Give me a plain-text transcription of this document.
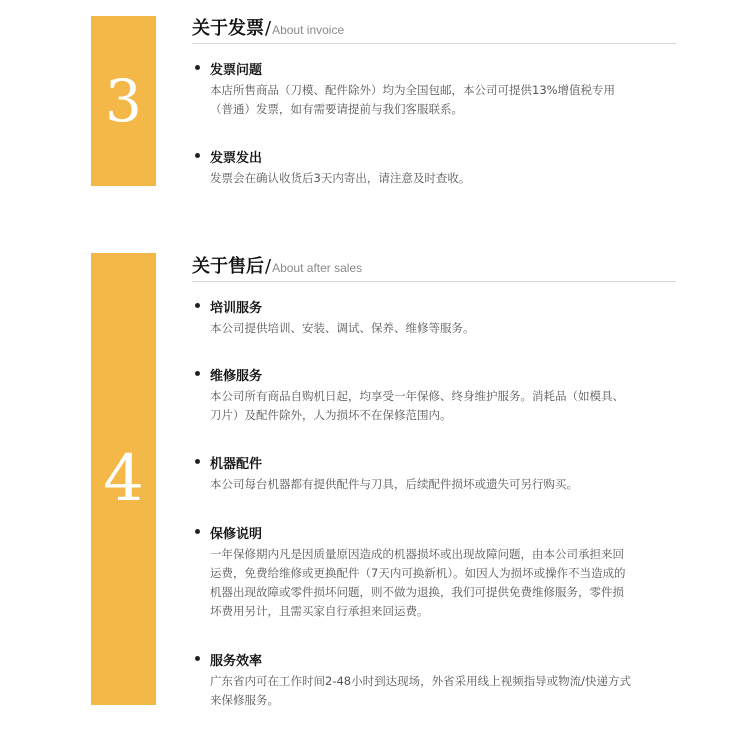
3
关于发票/About invoice
发票问题
本店所售商品（刀模、配件除外）均为全国包邮，本公司可提供13%增值税专用（普通）发票，如有需要请提前与我们客服联系。
发票发出
发票会在确认收货后3天内寄出，请注意及时查收。
4
关于售后/About after sales
培训服务
本公司提供培训、安装、调试、保养、维修等服务。
维修服务
本公司所有商品自购机日起，均享受一年保修、终身维护服务。消耗品（如模具、刀片）及配件除外，人为损坏不在保修范围内。
机器配件
本公司每台机器都有提供配件与刀具，后续配件损坏或遗失可另行购买。
保修说明
一年保修期内凡是因质量原因造成的机器损坏或出现故障问题，由本公司承担来回运费，免费给维修或更换配件（7天内可换新机）。如因人为损坏或操作不当造成的机器出现故障或零件损坏问题，则不做为退换，我们可提供免费维修服务，零件损坏费用另计，且需买家自行承担来回运费。
服务效率
广东省内可在工作时间2-48小时到达现场，外省采用线上视频指导或物流/快递方式来保修服务。
